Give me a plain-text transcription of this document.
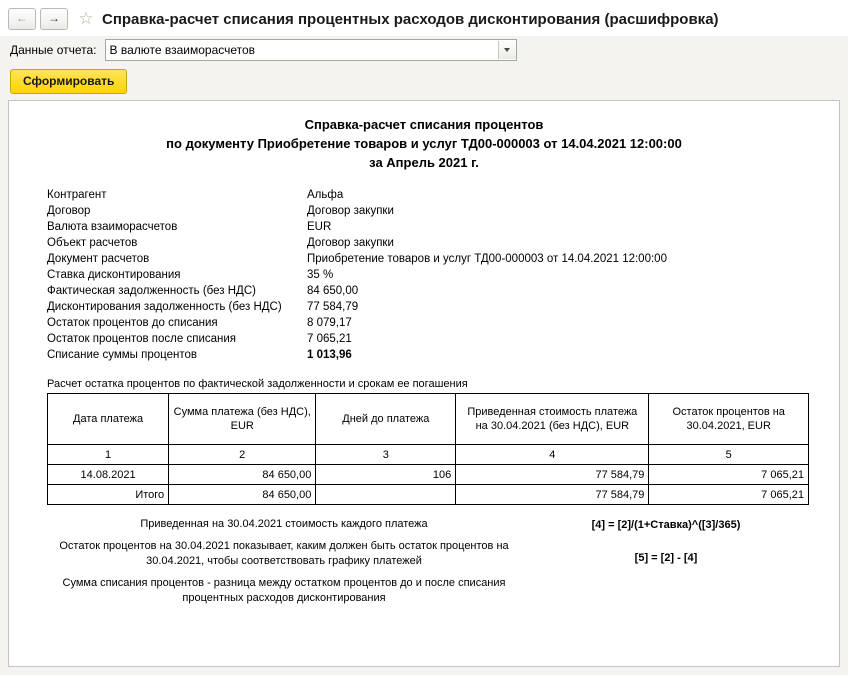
←	→	☆ Справка-расчет списания процентных расходов дисконтирования (расшифровка)
Данные отчета:	В валюте взаиморасчетов
Сформировать
Справка-расчет списания процентов
по документу Приобретение товаров и услуг ТД00-000003 от 14.04.2021 12:00:00
за Апрель 2021 г.
Контрагент	Альфа
Договор	Договор закупки
Валюта взаиморасчетов	EUR
Объект расчетов	Договор закупки
Документ расчетов	Приобретение товаров и услуг ТД00-000003 от 14.04.2021 12:00:00
Ставка дисконтирования	35 %
Фактическая задолженность (без НДС)	84 650,00
Дисконтирования задолженность (без НДС)	77 584,79
Остаток процентов до списания	8 079,17
Остаток процентов после списания	7 065,21
Списание суммы процентов	1 013,96
Расчет остатка процентов по фактической задолженности и срокам ее погашения
Дата платежа	Сумма платежа (без НДС), EUR	Дней до платежа	Приведенная стоимость платежа на 30.04.2021 (без НДС), EUR	Остаток процентов на 30.04.2021, EUR
1	2	3	4	5
14.08.2021	84 650,00	106	77 584,79	7 065,21
Итого	84 650,00		77 584,79	7 065,21
Приведенная на 30.04.2021 стоимость каждого платежа
Остаток процентов на 30.04.2021 показывает, каким должен быть остаток процентов на 30.04.2021, чтобы соответствовать графику платежей
Сумма списания процентов - разница между остатком процентов до и после списания процентных расходов дисконтирования
[4] = [2]/(1+Ставка)^([3]/365)
[5] = [2] - [4]
